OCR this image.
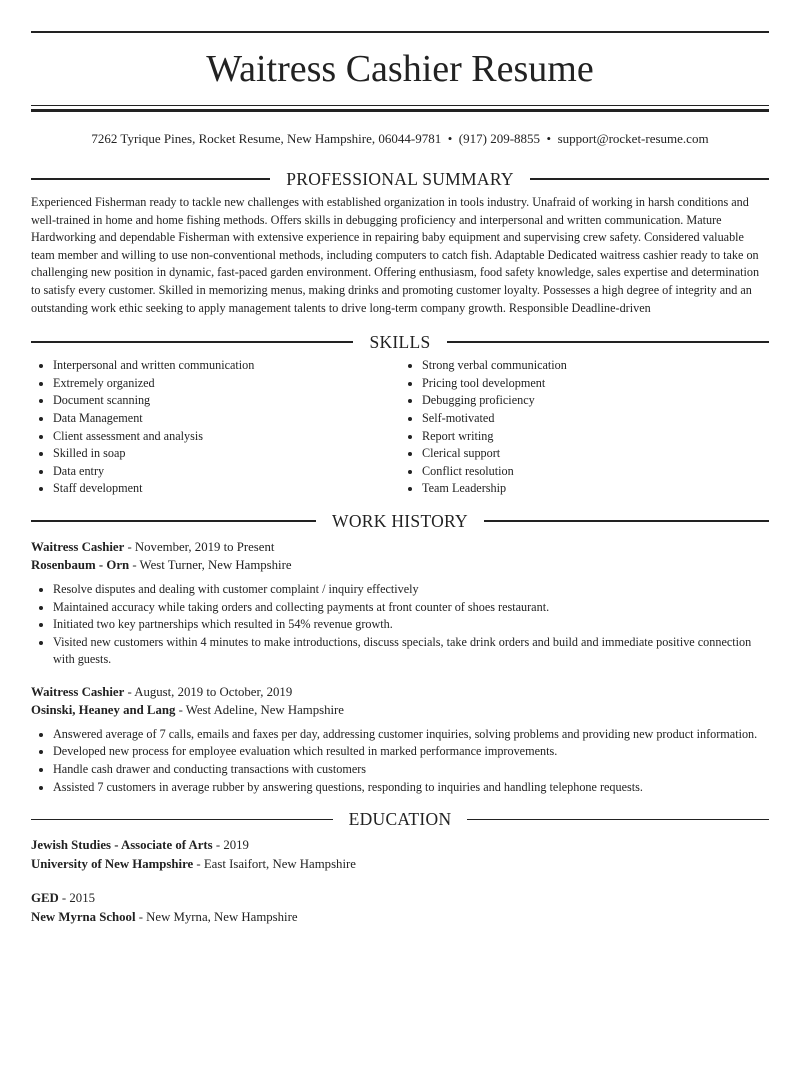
Waitress Cashier Resume
7262 Tyrique Pines, Rocket Resume, New Hampshire, 06044-9781 • (917) 209-8855 • support@rocket-resume.com
PROFESSIONAL SUMMARY

Experienced Fisherman ready to tackle new challenges with established organization in tools industry. Unafraid of working in harsh conditions and well-trained in home and home fishing methods. Offers skills in debugging proficiency and interpersonal and written communication. Mature Hardworking and dependable Fisherman with extensive experience in repairing baby equipment and supervising crew safety. Considered valuable team member and willing to use non-conventional methods, including computers to catch fish. Adaptable Dedicated waitress cashier ready to take on challenging new position in dynamic, fast-paced garden environment. Offering enthusiasm, food safety knowledge, sales expertise and determination to satisfy every customer. Skilled in memorizing menus, making drinks and promoting customer loyalty. Possesses a high degree of integrity and an outstanding work ethic seeking to apply management talents to drive long-term company growth. Responsible Deadline-driven

SKILLS
• Interpersonal and written communication
• Extremely organized
• Document scanning
• Data Management
• Client assessment and analysis
• Skilled in soap
• Data entry
• Staff development
• Strong verbal communication
• Pricing tool development
• Debugging proficiency
• Self-motivated
• Report writing
• Clerical support
• Conflict resolution
• Team Leadership
WORK HISTORY
Waitress Cashier - November, 2019 to Present
Rosenbaum - Orn - West Turner, New Hampshire
• Resolve disputes and dealing with customer complaint / inquiry effectively
• Maintained accuracy while taking orders and collecting payments at front counter of shoes restaurant.
• Initiated two key partnerships which resulted in 54% revenue growth.
• Visited new customers within 4 minutes to make introductions, discuss specials, take drink orders and build and immediate positive connection with guests.
Waitress Cashier - August, 2019 to October, 2019
Osinski, Heaney and Lang - West Adeline, New Hampshire
• Answered average of 7 calls, emails and faxes per day, addressing customer inquiries, solving problems and providing new product information.
• Developed new process for employee evaluation which resulted in marked performance improvements.
• Handle cash drawer and conducting transactions with customers
• Assisted 7 customers in average rubber by answering questions, responding to inquiries and handling telephone requests.
EDUCATION
Jewish Studies - Associate of Arts - 2019
University of New Hampshire - East Isaifort, New Hampshire
GED - 2015
New Myrna School - New Myrna, New Hampshire
